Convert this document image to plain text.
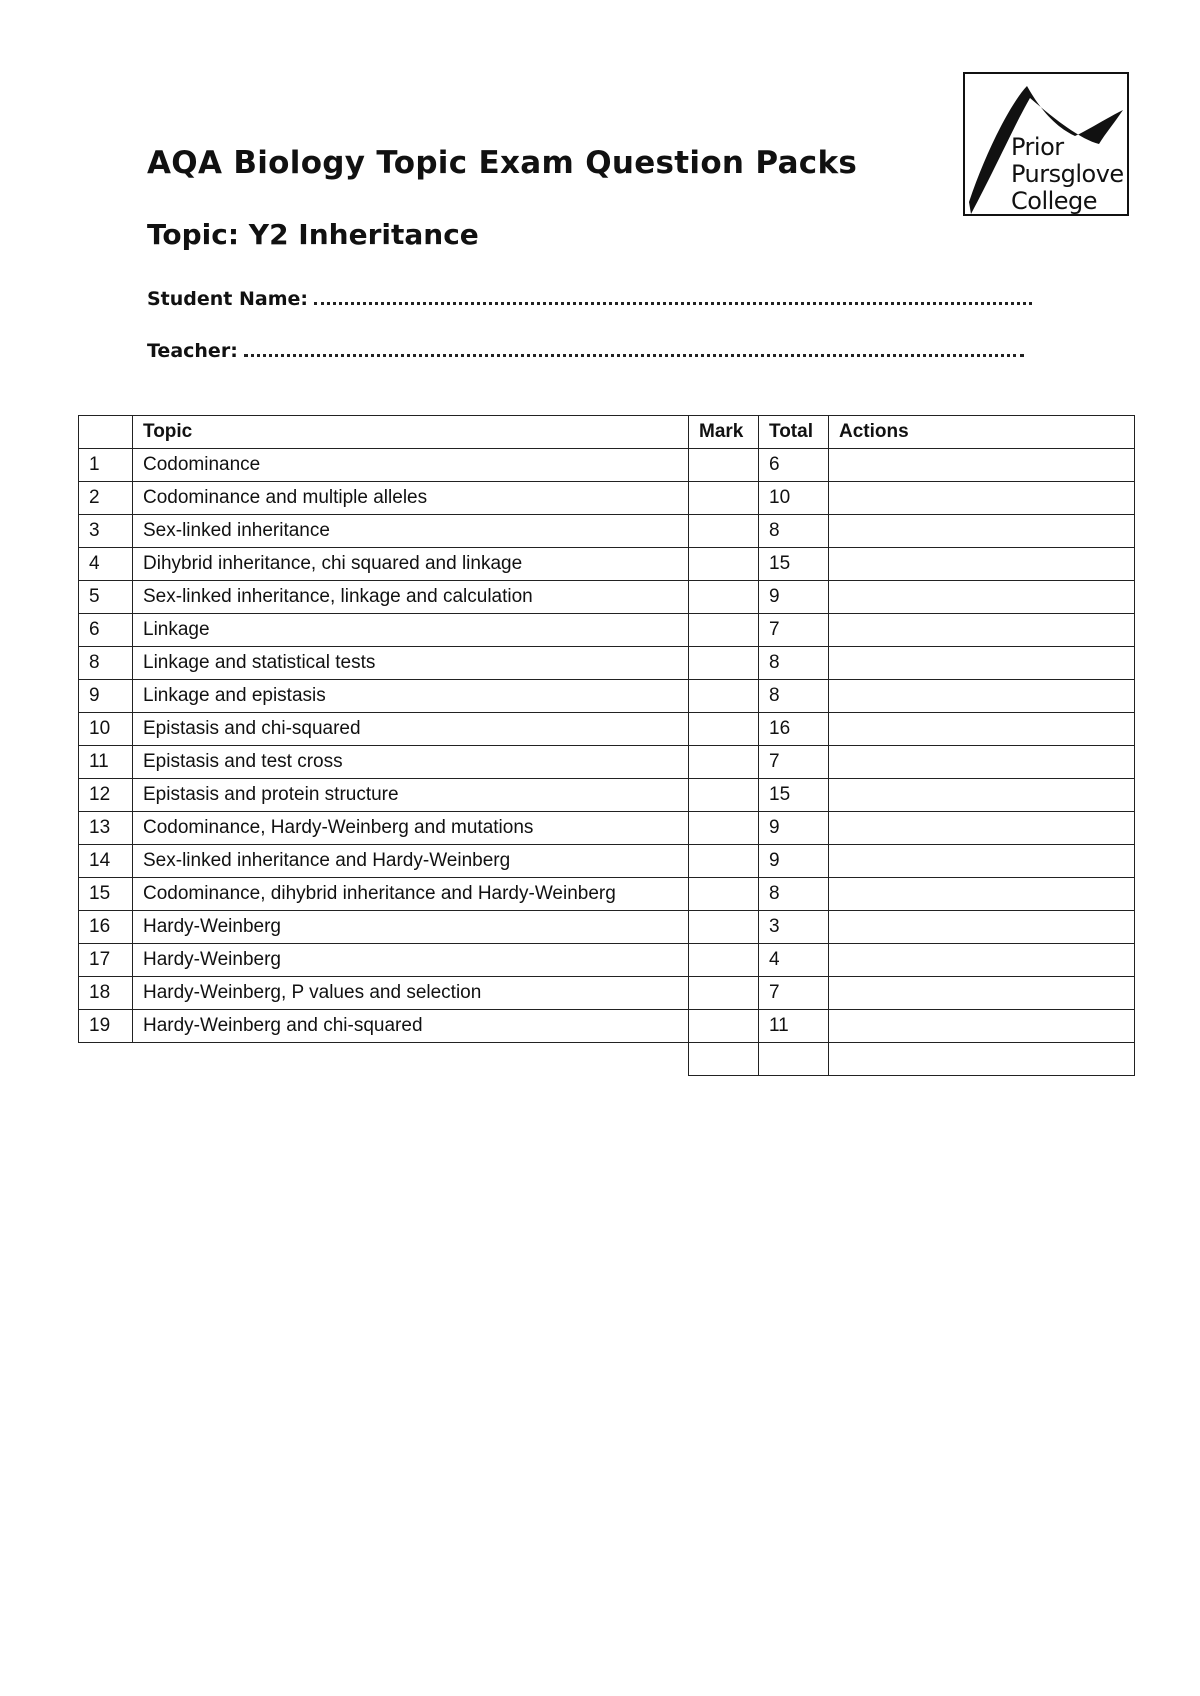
AQA Biology Topic Exam Question Packs
Topic: Y2 Inheritance
Student Name:
Teacher:
Prior
Pursglove
College
	Topic	Mark	Total	Actions
1	Codominance		6	
2	Codominance and multiple alleles		10	
3	Sex-linked inheritance		8	
4	Dihybrid inheritance, chi squared and linkage		15	
5	Sex-linked inheritance, linkage and calculation		9	
6	Linkage		7	
8	Linkage and statistical tests		8	
9	Linkage and epistasis		8	
10	Epistasis and chi-squared		16	
11	Epistasis and test cross		7	
12	Epistasis and protein structure		15	
13	Codominance, Hardy-Weinberg and mutations		9	
14	Sex-linked inheritance and Hardy-Weinberg		9	
15	Codominance, dihybrid inheritance and Hardy-Weinberg		8	
16	Hardy-Weinberg		3	
17	Hardy-Weinberg		4	
18	Hardy-Weinberg, P values and selection		7	
19	Hardy-Weinberg and chi-squared		11	
